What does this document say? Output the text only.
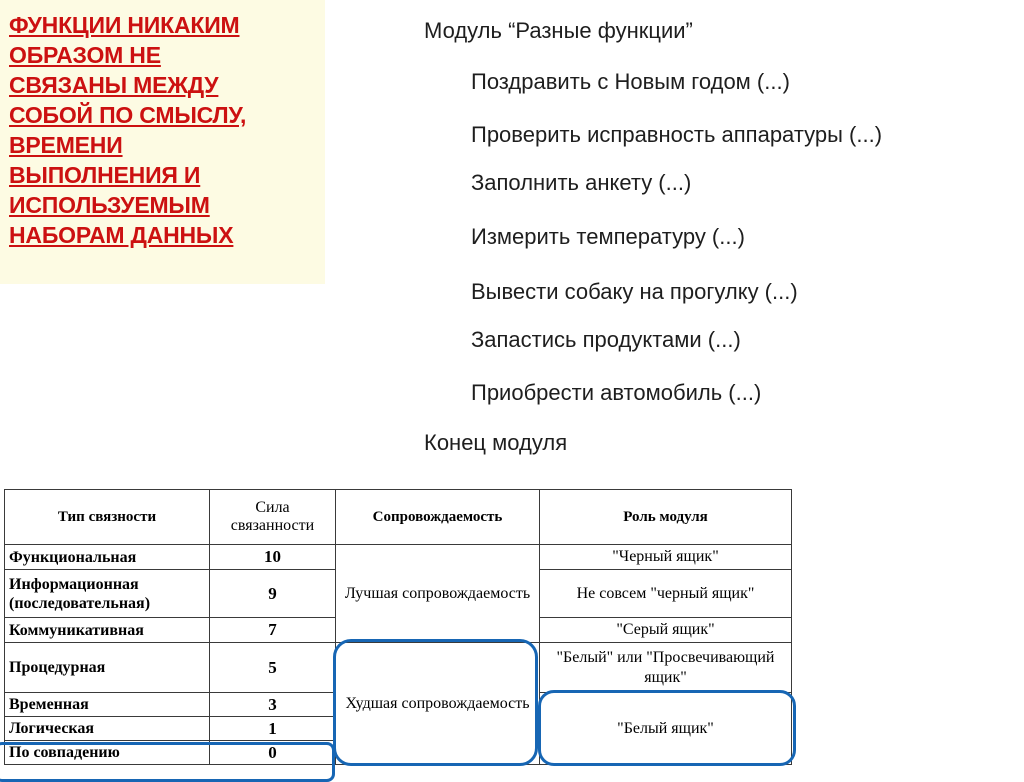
ФУНКЦИИ НИКАКИМ
ОБРАЗОМ НЕ
СВЯЗАНЫ МЕЖДУ
СОБОЙ ПО СМЫСЛУ,
ВРЕМЕНИ
ВЫПОЛНЕНИЯ И
ИСПОЛЬЗУЕМЫМ
НАБОРАМ ДАННЫХ
Модуль “Разные функции”
Поздравить с Новым годом (...)
Проверить исправность аппаратуры (...)
Заполнить анкету (...)
Измерить температуру (...)
Вывести собаку на прогулку (...)
Запастись продуктами (...)
Приобрести автомобиль (...)
Конец модуля
Тип связности	Сила связанности	Сопровождаемость	Роль модуля
Функциональная	10	Лучшая сопровождаемость	"Черный ящик"
Информационная (последовательная)	9		Не совсем "черный ящик"
Коммуникативная	7		"Серый ящик"
Процедурная	5	Худшая сопровождаемость	"Белый" или "Просвечивающий ящик"
Временная	3		"Белый ящик"
Логическая	1		
По совпадению	0		
